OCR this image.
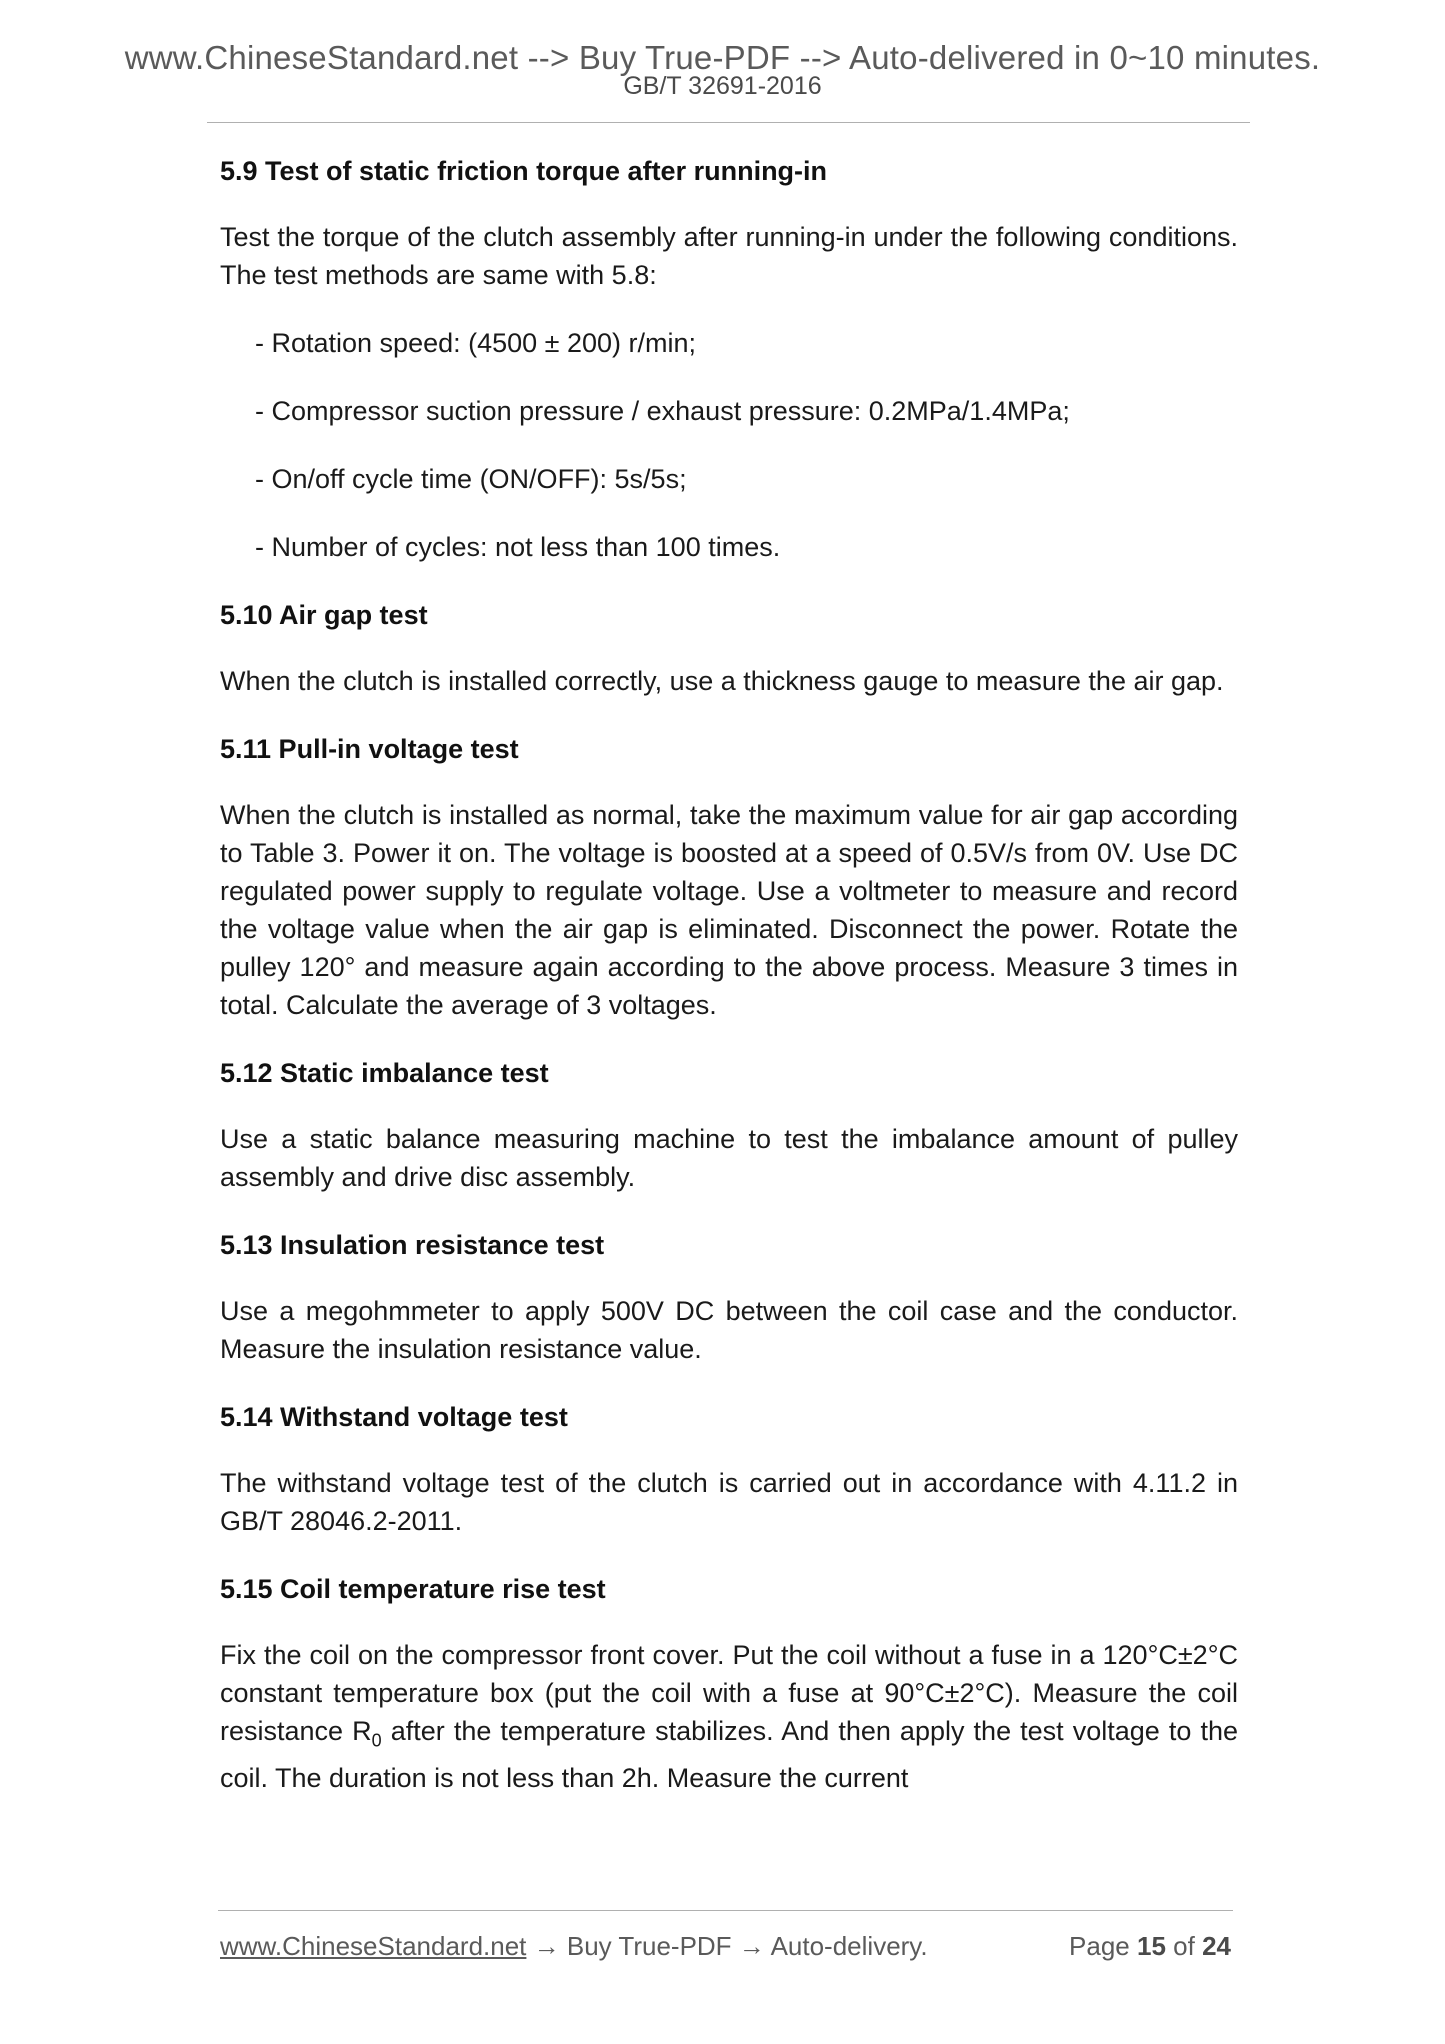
www.ChineseStandard.net --> Buy True-PDF --> Auto-delivered in 0~10 minutes.
GB/T 32691-2016
5.9 Test of static friction torque after running-in

Test the torque of the clutch assembly after running-in under the following conditions. The test methods are same with 5.8:

- Rotation speed: (4500 ± 200) r/min;
- Compressor suction pressure / exhaust pressure: 0.2MPa/1.4MPa;
- On/off cycle time (ON/OFF): 5s/5s;
- Number of cycles: not less than 100 times.
5.10 Air gap test

When the clutch is installed correctly, use a thickness gauge to measure the air gap.

5.11 Pull-in voltage test

When the clutch is installed as normal, take the maximum value for air gap according to Table 3. Power it on. The voltage is boosted at a speed of 0.5V/s from 0V. Use DC regulated power supply to regulate voltage. Use a voltmeter to measure and record the voltage value when the air gap is eliminated. Disconnect the power. Rotate the pulley 120° and measure again according to the above process. Measure 3 times in total. Calculate the average of 3 voltages.

5.12 Static imbalance test

Use a static balance measuring machine to test the imbalance amount of pulley assembly and drive disc assembly.

5.13 Insulation resistance test

Use a megohmmeter to apply 500V DC between the coil case and the conductor. Measure the insulation resistance value.

5.14 Withstand voltage test

The withstand voltage test of the clutch is carried out in accordance with 4.11.2 in GB/T 28046.2-2011.

5.15 Coil temperature rise test

Fix the coil on the compressor front cover. Put the coil without a fuse in a 120°C±2°C constant temperature box (put the coil with a fuse at 90°C±2°C). Measure the coil resistance $R_0$ after the temperature stabilizes. And then apply the test voltage to the coil. The duration is not less than 2h. Measure the current

www.ChineseStandard.net → Buy True-PDF → Auto-delivery.	Page 15 of 24
